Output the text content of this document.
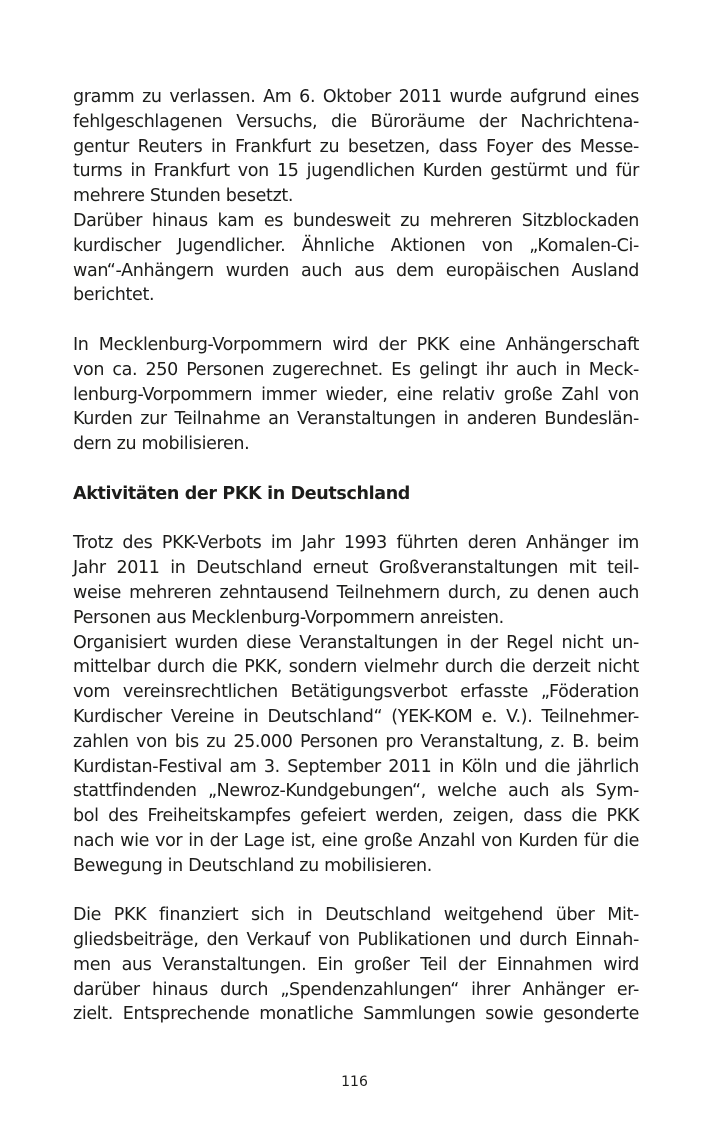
gramm zu verlassen. Am 6. Oktober 2011 wurde aufgrund eines
fehlgeschlagenen Versuchs, die Büroräume der Nachrichtena-
gentur Reuters in Frankfurt zu besetzen, dass Foyer des Messe-
turms in Frankfurt von 15 jugendlichen Kurden gestürmt und für
mehrere Stunden besetzt.
Darüber hinaus kam es bundesweit zu mehreren Sitzblockaden
kurdischer Jugendlicher. Ähnliche Aktionen von „Komalen-Ci-
wan“-Anhängern wurden auch aus dem europäischen Ausland
berichtet.
In Mecklenburg-Vorpommern wird der PKK eine Anhängerschaft
von ca. 250 Personen zugerechnet. Es gelingt ihr auch in Meck-
lenburg-Vorpommern immer wieder, eine relativ große Zahl von
Kurden zur Teilnahme an Veranstaltungen in anderen Bundeslän-
dern zu mobilisieren.
Aktivitäten der PKK in Deutschland
Trotz des PKK-Verbots im Jahr 1993 führten deren Anhänger im
Jahr 2011 in Deutschland erneut Großveranstaltungen mit teil-
weise mehreren zehntausend Teilnehmern durch, zu denen auch
Personen aus Mecklenburg-Vorpommern anreisten.
Organisiert wurden diese Veranstaltungen in der Regel nicht un-
mittelbar durch die PKK, sondern vielmehr durch die derzeit nicht
vom vereinsrechtlichen Betätigungsverbot erfasste „Föderation
Kurdischer Vereine in Deutschland“ (YEK-KOM e. V.). Teilnehmer-
zahlen von bis zu 25.000 Personen pro Veranstaltung, z. B. beim
Kurdistan-Festival am 3. September 2011 in Köln und die jährlich
stattfindenden „Newroz-Kundgebungen“, welche auch als Sym-
bol des Freiheitskampfes gefeiert werden, zeigen, dass die PKK
nach wie vor in der Lage ist, eine große Anzahl von Kurden für die
Bewegung in Deutschland zu mobilisieren.
Die PKK finanziert sich in Deutschland weitgehend über Mit-
gliedsbeiträge, den Verkauf von Publikationen und durch Einnah-
men aus Veranstaltungen. Ein großer Teil der Einnahmen wird
darüber hinaus durch „Spendenzahlungen“ ihrer Anhänger er-
zielt. Entsprechende monatliche Sammlungen sowie gesonderte
116
